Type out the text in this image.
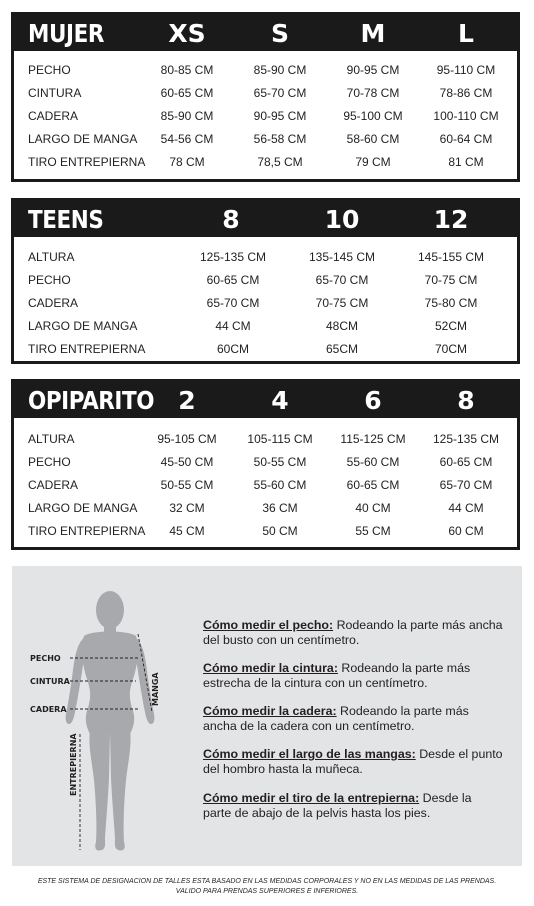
MUJER	XS	S	M	L
PECHO	80-85 CM	85-90 CM	90-95 CM	95-110 CM
CINTURA	60-65 CM	65-70 CM	70-78 CM	78-86 CM
CADERA	85-90 CM	90-95 CM	95-100 CM	100-110 CM
LARGO DE MANGA	54-56 CM	56-58 CM	58-60 CM	60-64 CM
TIRO ENTREPIERNA	78 CM	78,5 CM	79 CM	81 CM
TEENS	8	10	12
ALTURA	125-135 CM	135-145 CM	145-155 CM
PECHO	60-65 CM	65-70 CM	70-75 CM
CADERA	65-70 CM	70-75 CM	75-80 CM
LARGO DE MANGA	44 CM	48CM	52CM
TIRO ENTREPIERNA	60CM	65CM	70CM
OPIPARITO 2	4	6	8
ALTURA	95-105 CM	105-115 CM	115-125 CM	125-135 CM
PECHO	45-50 CM	50-55 CM	55-60 CM	60-65 CM
CADERA	50-55 CM	55-60 CM	60-65 CM	65-70 CM
LARGO DE MANGA	32 CM	36 CM	40 CM	44 CM
TIRO ENTREPIERNA	45 CM	50 CM	55 CM	60 CM
PECHO
CINTURA
CADERA
MANGA
ENTREPIERNA
Cómo medir el pecho: Rodeando la parte más ancha del busto con un centímetro.
Cómo medir la cintura: Rodeando la parte más estrecha de la cintura con un centímetro.
Cómo medir la cadera: Rodeando la parte más ancha de la cadera con un centímetro.
Cómo medir el largo de las mangas: Desde el punto del hombro hasta la muñeca.
Cómo medir el tiro de la entrepierna: Desde la parte de abajo de la pelvis hasta los pies.
ESTE SISTEMA DE DESIGNACION DE TALLES ESTA BASADO EN LAS MEDIDAS CORPORALES Y NO EN LAS MEDIDAS DE LAS PRENDAS.
VALIDO PARA PRENDAS SUPERIORES E INFERIORES.
